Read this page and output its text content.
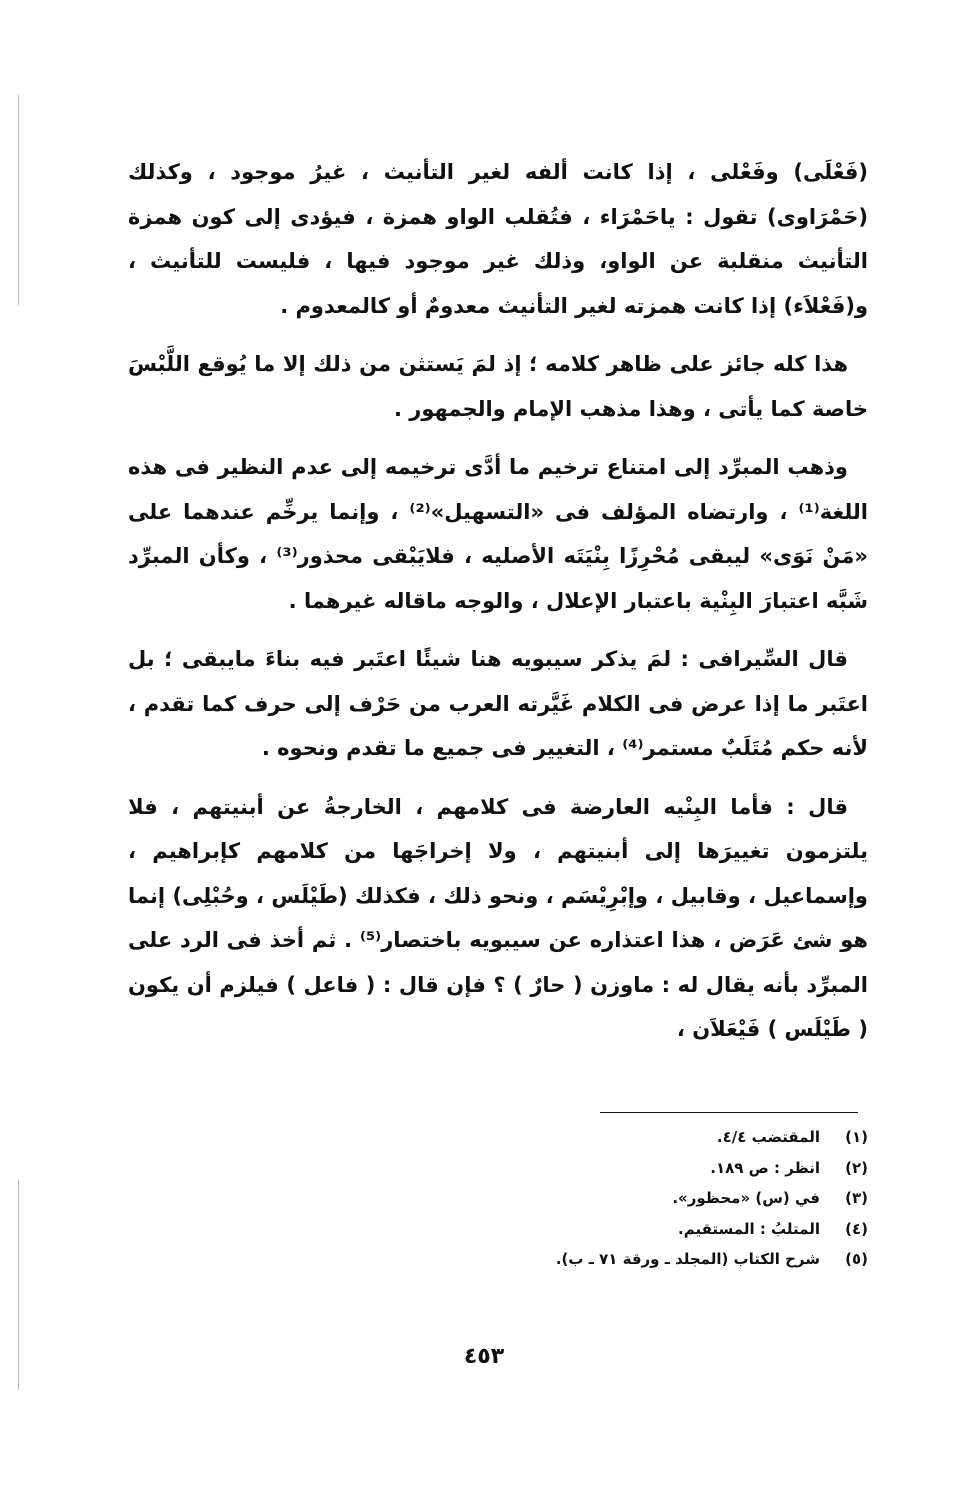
(فَعْلَى) وفَعْلى ، إذا كانت ألفه لغير التأنيث ، غيرُ موجود ، وكذلك (حَمْرَاوى) تقول : ياحَمْرَاء ، فتُقلب الواو همزة ، فيؤدى إلى كون همزة التأنيث منقلبة عن الواو، وذلك غير موجود فيها ، فليست للتأنيث ، و(فَعْلاَء) إذا كانت همزته لغير التأنيث معدومٌ أو كالمعدوم .

هذا كله جائز على ظاهر كلامه ؛ إذ لمَ يَستثن من ذلك إلا ما يُوقع اللَّبْسَ خاصة كما يأتى ، وهذا مذهب الإمام والجمهور .

وذهب المبرِّد إلى امتناع ترخيم ما أدَّى ترخيمه إلى عدم النظير فى هذه اللغة⁽¹⁾ ، وارتضاه المؤلف فى «التسهيل»⁽²⁾ ، وإنما يرخِّم عندهما على «مَنْ نَوَى» ليبقى مُحْرِزًا بِنْيَتَه الأصليه ، فلايَبْقى محذور⁽³⁾ ، وكأن المبرِّد شَبَّه اعتبارَ البِنْية باعتبار الإعلال ، والوجه ماقاله غيرهما .

قال السِّيرافى : لمَ يذكر سيبويه هنا شيئًا اعتَبر فيه بناءَ مايبقى ؛ بل اعتَبر ما إذا عرض فى الكلام غَيَّرته العرب من حَرْف إلى حرف كما تقدم ، لأنه حكم مُتَلَبٌ مستمر⁽⁴⁾ ، التغيير فى جميع ما تقدم ونحوه .

قال : فأما البِنْيه العارضة فى كلامهم ، الخارجةُ عن أبنيتهم ، فلا يلتزمون تغييرَها إلى أبنيتهم ، ولا إخراجَها من كلامهم كإبراهيم ، وإسماعيل ، وقابيل ، وإبْرِيْسَم ، ونحو ذلك ، فكذلك (طَيْلَس ، وحُبْلِى) إنما هو شئ عَرَض ، هذا اعتذاره عن سيبويه باختصار⁽⁵⁾ . ثم أخذ فى الرد على المبرِّد بأنه يقال له : ماوزن ( حارٌ ) ؟ فإن قال : ( فاعل ) فيلزم أن يكون ( طَيْلَس ) فَيْعَلاَن ،

(١)
المقتضب ٤/٤.
(٢)
انظر : ص ١٨٩.
(٣)
في (س) «محظور».
(٤)
المتلبُ : المستقيم.
(٥)
شرح الكتاب (المجلد ـ ورقة ٧١ ـ ب).
٤٥٣
